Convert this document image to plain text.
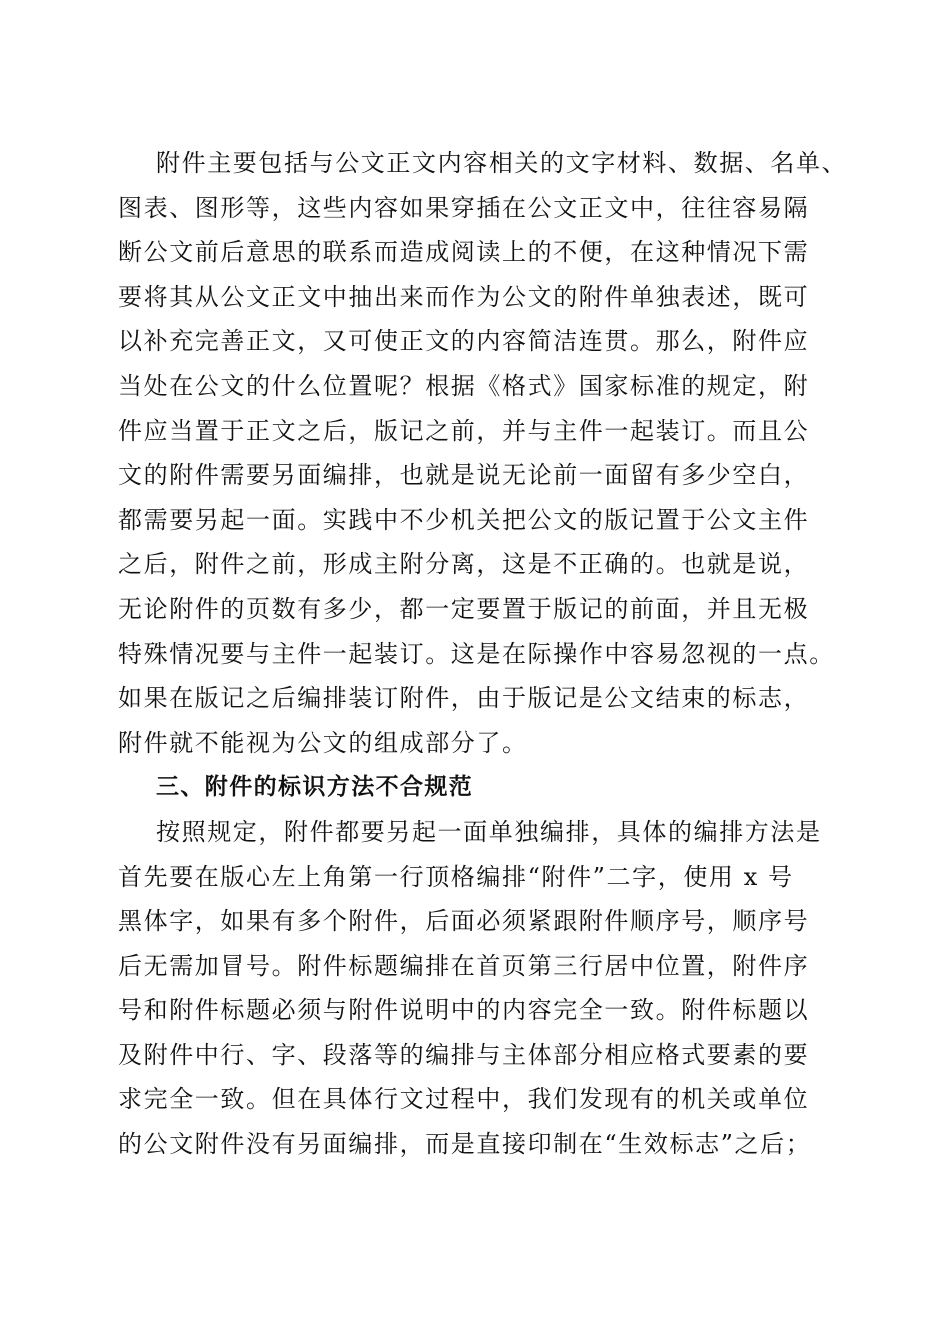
附件主要包括与公文正文内容相关的文字材料、数据、名单、
图表、图形等，这些内容如果穿插在公文正文中，往往容易隔
断公文前后意思的联系而造成阅读上的不便，在这种情况下需
要将其从公文正文中抽出来而作为公文的附件单独表述，既可
以补充完善正文，又可使正文的内容简洁连贯。那么，附件应
当处在公文的什么位置呢？根据《格式》国家标准的规定，附
件应当置于正文之后，版记之前，并与主件一起装订。而且公
文的附件需要另面编排，也就是说无论前一面留有多少空白，
都需要另起一面。实践中不少机关把公文的版记置于公文主件
之后，附件之前，形成主附分离，这是不正确的。也就是说，
无论附件的页数有多少，都一定要置于版记的前面，并且无极
特殊情况要与主件一起装订。这是在际操作中容易忽视的一点。
如果在版记之后编排装订附件，由于版记是公文结束的标志，
附件就不能视为公文的组成部分了。
三、附件的标识方法不合规范
按照规定，附件都要另起一面单独编排，具体的编排方法是
首先要在版心左上角第一行顶格编排“附件”二字，使用 x 号
黑体字，如果有多个附件，后面必须紧跟附件顺序号，顺序号
后无需加冒号。附件标题编排在首页第三行居中位置，附件序
号和附件标题必须与附件说明中的内容完全一致。附件标题以
及附件中行、字、段落等的编排与主体部分相应格式要素的要
求完全一致。但在具体行文过程中，我们发现有的机关或单位
的公文附件没有另面编排，而是直接印制在“生效标志”之后；
